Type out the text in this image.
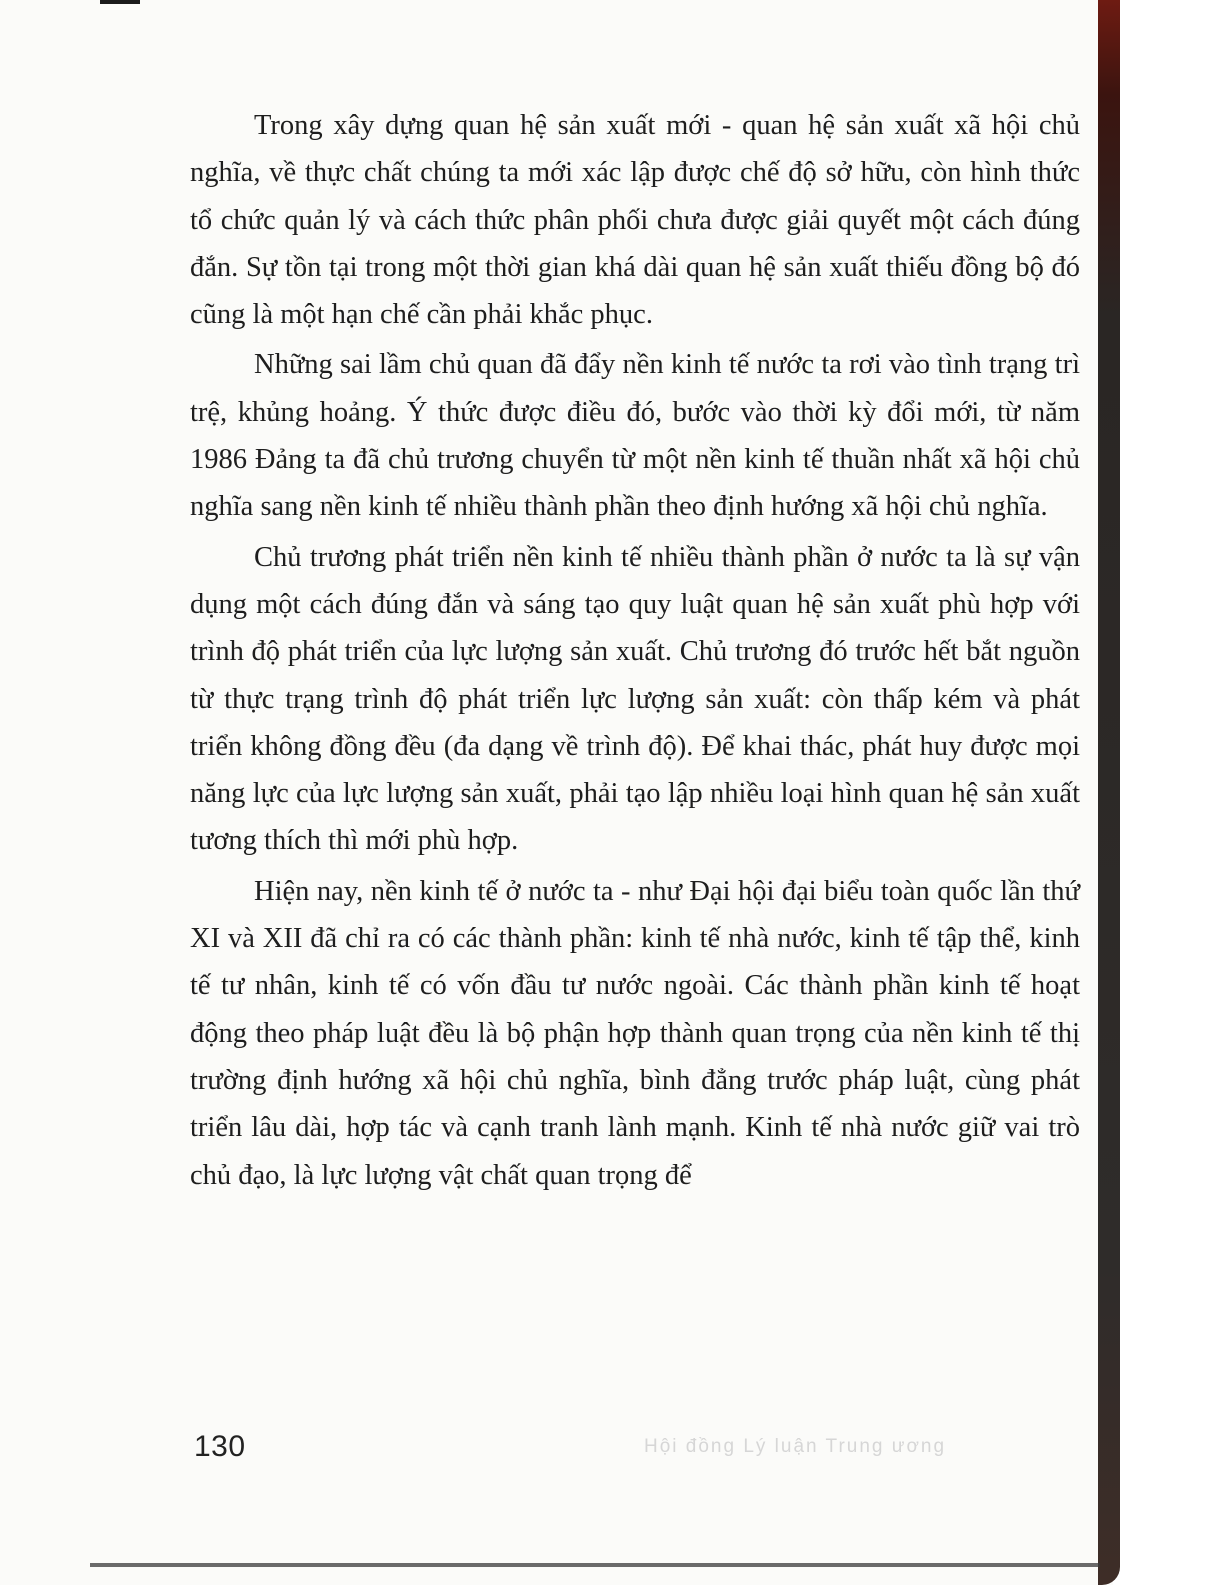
Trong xây dựng quan hệ sản xuất mới - quan hệ sản xuất xã hội chủ nghĩa, về thực chất chúng ta mới xác lập được chế độ sở hữu, còn hình thức tổ chức quản lý và cách thức phân phối chưa được giải quyết một cách đúng đắn. Sự tồn tại trong một thời gian khá dài quan hệ sản xuất thiếu đồng bộ đó cũng là một hạn chế cần phải khắc phục.

Những sai lầm chủ quan đã đẩy nền kinh tế nước ta rơi vào tình trạng trì trệ, khủng hoảng. Ý thức được điều đó, bước vào thời kỳ đổi mới, từ năm 1986 Đảng ta đã chủ trương chuyển từ một nền kinh tế thuần nhất xã hội chủ nghĩa sang nền kinh tế nhiều thành phần theo định hướng xã hội chủ nghĩa.

Chủ trương phát triển nền kinh tế nhiều thành phần ở nước ta là sự vận dụng một cách đúng đắn và sáng tạo quy luật quan hệ sản xuất phù hợp với trình độ phát triển của lực lượng sản xuất. Chủ trương đó trước hết bắt nguồn từ thực trạng trình độ phát triển lực lượng sản xuất: còn thấp kém và phát triển không đồng đều (đa dạng về trình độ). Để khai thác, phát huy được mọi năng lực của lực lượng sản xuất, phải tạo lập nhiều loại hình quan hệ sản xuất tương thích thì mới phù hợp.

Hiện nay, nền kinh tế ở nước ta - như Đại hội đại biểu toàn quốc lần thứ XI và XII đã chỉ ra có các thành phần: kinh tế nhà nước, kinh tế tập thể, kinh tế tư nhân, kinh tế có vốn đầu tư nước ngoài. Các thành phần kinh tế hoạt động theo pháp luật đều là bộ phận hợp thành quan trọng của nền kinh tế thị trường định hướng xã hội chủ nghĩa, bình đẳng trước pháp luật, cùng phát triển lâu dài, hợp tác và cạnh tranh lành mạnh. Kinh tế nhà nước giữ vai trò chủ đạo, là lực lượng vật chất quan trọng để

130	Hội đồng Lý luận Trung ương
